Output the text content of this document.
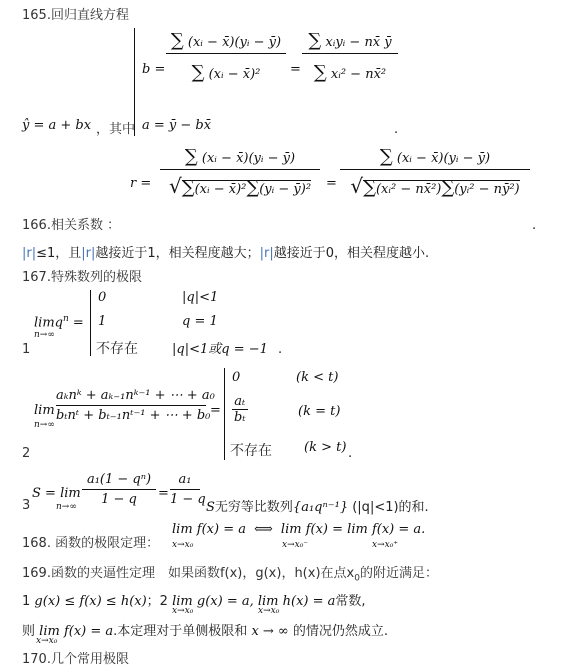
165.回归直线方程
ŷ = a + bx ，其中
b =
a = ȳ − bx̄	.
∑ (xᵢ − x̄)(yᵢ − ȳ)
∑ (xᵢ − x̄)²	=
∑ xᵢyᵢ − nx̄ ȳ
∑ xᵢ² − nx̄²
r =
∑ (xᵢ − x̄)(yᵢ − ȳ)
√∑(xᵢ − x̄)²∑(yᵢ − ȳ)²	=
∑ (xᵢ − x̄)(yᵢ − ȳ)
√∑(xᵢ² − nx̄²)∑(yᵢ² − nȳ²)
.
166.相关系数 ：
|r|≤1，且|r|越接近于1，相关程度越大；|r|越接近于0，相关程度越小.
167.特殊数列的极限
1
limq$^n$ =
n→∞
0	|q|<1
1	q = 1
不存在	|q|<1或q = −1 .
2
lim
n→∞
aₖnᵏ + aₖ₋₁nᵏ⁻¹ + ⋯ + a₀
bₜnᵗ + bₜ₋₁nᵗ⁻¹ + ⋯ + b₀ =
0	(k < t)
$\frac{\text{aₜ}}{\text{bₜ}}$	(k = t)
不存在 (k > t) .
3
S = lim
$n\to\infty \frac{\text{a₁(1 − qⁿ)}}{1 - q}$ =
a₁
1 − q
S无穷等比数列{a₁qⁿ⁻¹} (|q|<1)的和.
168. 函数的极限定理：
lim f(x) = a ⟺ lim f(x) = lim f(x) = a.
x→x₀	x→x₀⁻	x→x₀⁺
169.函数的夹逼性定理　如果函数f(x)，g(x)，h(x)在点$x_0$的附近满足：
1 g(x) ≤ f(x) ≤ h(x)；2 lim g(x) = a, lim h(x) = a常数,
x→x₀	x→x₀
则 lim f(x) = a.本定理对于单侧极限和 x → ∞ 的情况仍然成立.
x→x₀
170.几个常用极限
